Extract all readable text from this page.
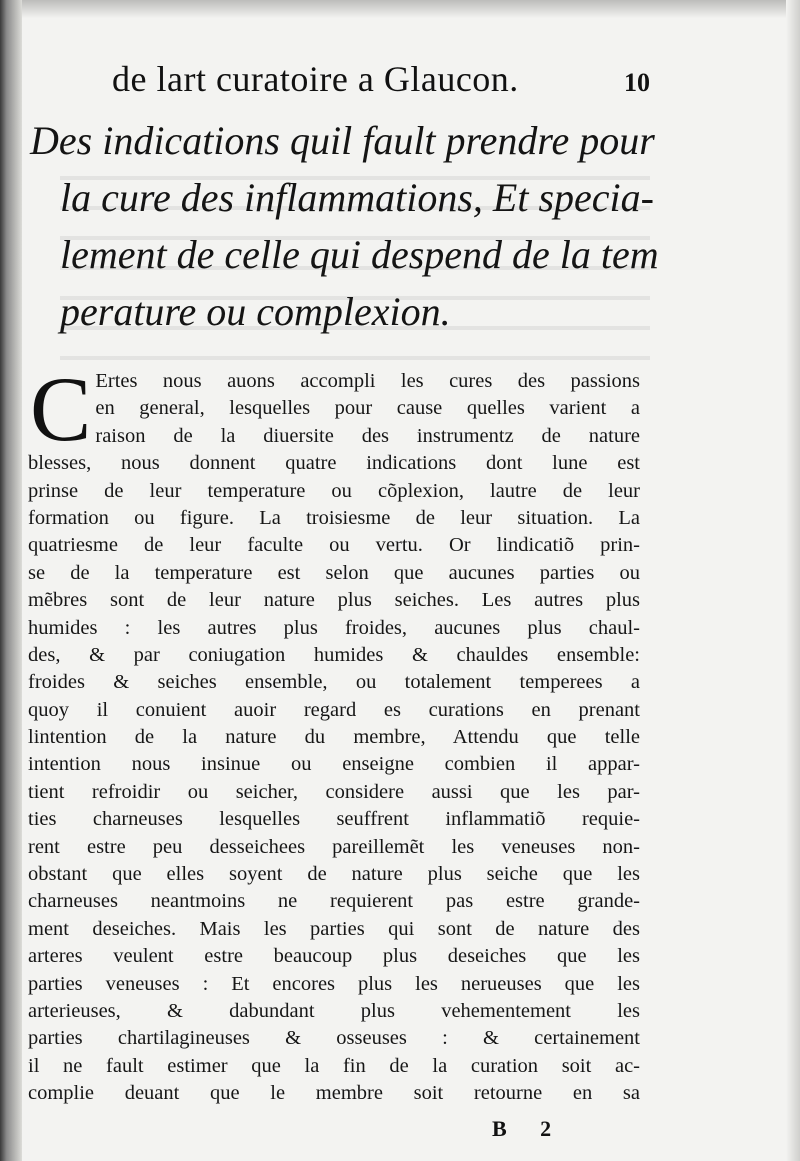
de lart curatoire a Glaucon.	10
Des indications quil fault prendre pour
la cure des inflammations, Et specia-
lement de celle qui despend de la tem
perature ou complexion.
C Ertes nous auons accompli les cures des passions
en general, lesquelles pour cause quelles varient a
raison de la diuersite des instrumentz de nature
blesses, nous donnent quatre indications dont lune est
prinse de leur temperature ou cõplexion, lautre de leur
formation ou figure. La troisiesme de leur situation. La
quatriesme de leur faculte ou vertu. Or lindicatiõ prin-
se de la temperature est selon que aucunes parties ou
mẽbres sont de leur nature plus seiches. Les autres plus
humides : les autres plus froides, aucunes plus chaul-
des, & par coniugation humides & chauldes ensemble:
froides & seiches ensemble, ou totalement temperees a
quoy il conuient auoir regard es curations en prenant
lintention de la nature du membre, Attendu que telle
intention nous insinue ou enseigne combien il appar-
tient refroidir ou seicher, considere aussi que les par-
ties charneuses lesquelles seuffrent inflammatiõ requie-
rent estre peu desseichees pareillemẽt les veneuses non-
obstant que elles soyent de nature plus seiche que les
charneuses neantmoins ne requierent pas estre grande-
ment deseiches. Mais les parties qui sont de nature des
arteres veulent estre beaucoup plus deseiches que les
parties veneuses : Et encores plus les nerueuses que les
arterieuses, & dabundant plus vehementement les
parties chartilagineuses & osseuses : & certainement
il ne fault estimer que la fin de la curation soit ac-
complie deuant que le membre soit retourne en sa
B 2
